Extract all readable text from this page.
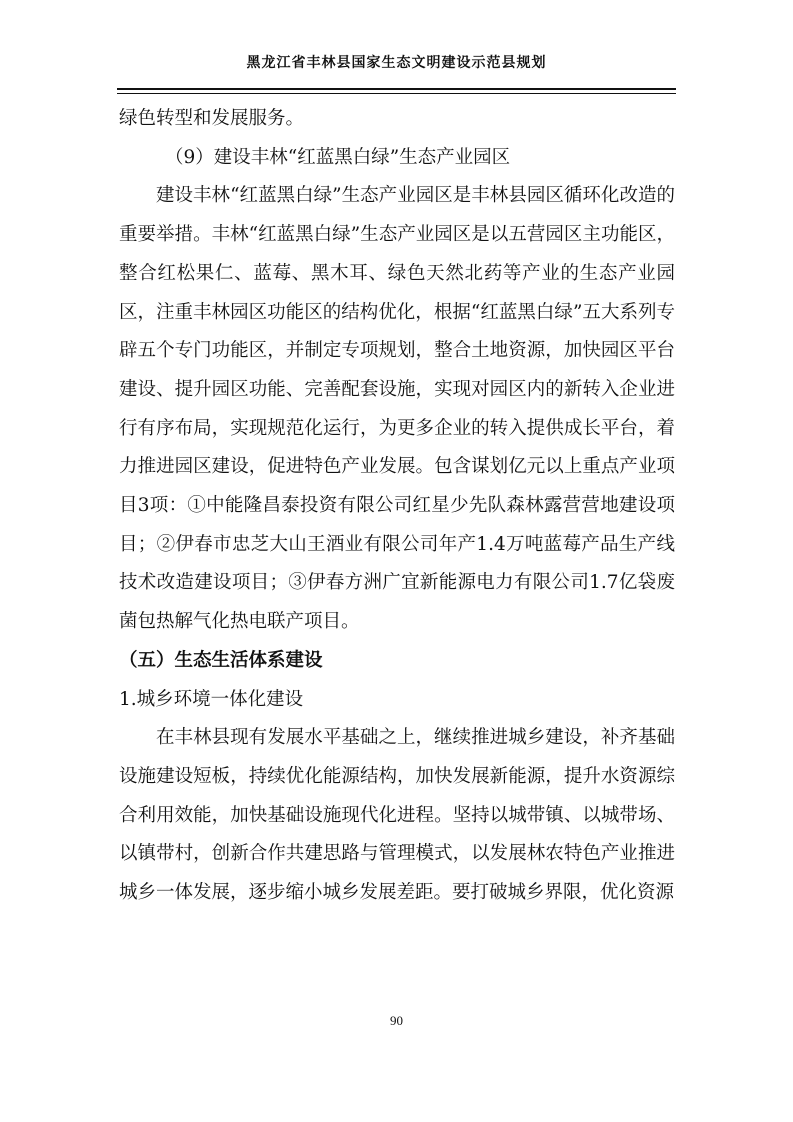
黑龙江省丰林县国家生态文明建设示范县规划

绿色转型和发展服务。

（9）建设丰林“红蓝黑白绿”生态产业园区

建设丰林“红蓝黑白绿”生态产业园区是丰林县园区循环化改造的重要举措。丰林“红蓝黑白绿”生态产业园区是以五营园区主功能区，整合红松果仁、蓝莓、黑木耳、绿色天然北药等产业的生态产业园区，注重丰林园区功能区的结构优化，根据“红蓝黑白绿”五大系列专辟五个专门功能区，并制定专项规划，整合土地资源，加快园区平台建设、提升园区功能、完善配套设施，实现对园区内的新转入企业进行有序布局，实现规范化运行，为更多企业的转入提供成长平台，着力推进园区建设，促进特色产业发展。包含谋划亿元以上重点产业项目3项：①中能隆昌泰投资有限公司红星少先队森林露营营地建设项目；②伊春市忠芝大山王酒业有限公司年产1.4万吨蓝莓产品生产线技术改造建设项目；③伊春方洲广宜新能源电力有限公司1.7亿袋废菌包热解气化热电联产项目。

（五）生态生活体系建设

1.城乡环境一体化建设

在丰林县现有发展水平基础之上，继续推进城乡建设，补齐基础设施建设短板，持续优化能源结构，加快发展新能源，提升水资源综合利用效能，加快基础设施现代化进程。坚持以城带镇、以城带场、以镇带村，创新合作共建思路与管理模式，以发展林农特色产业推进城乡一体发展，逐步缩小城乡发展差距。要打破城乡界限，优化资源

90
